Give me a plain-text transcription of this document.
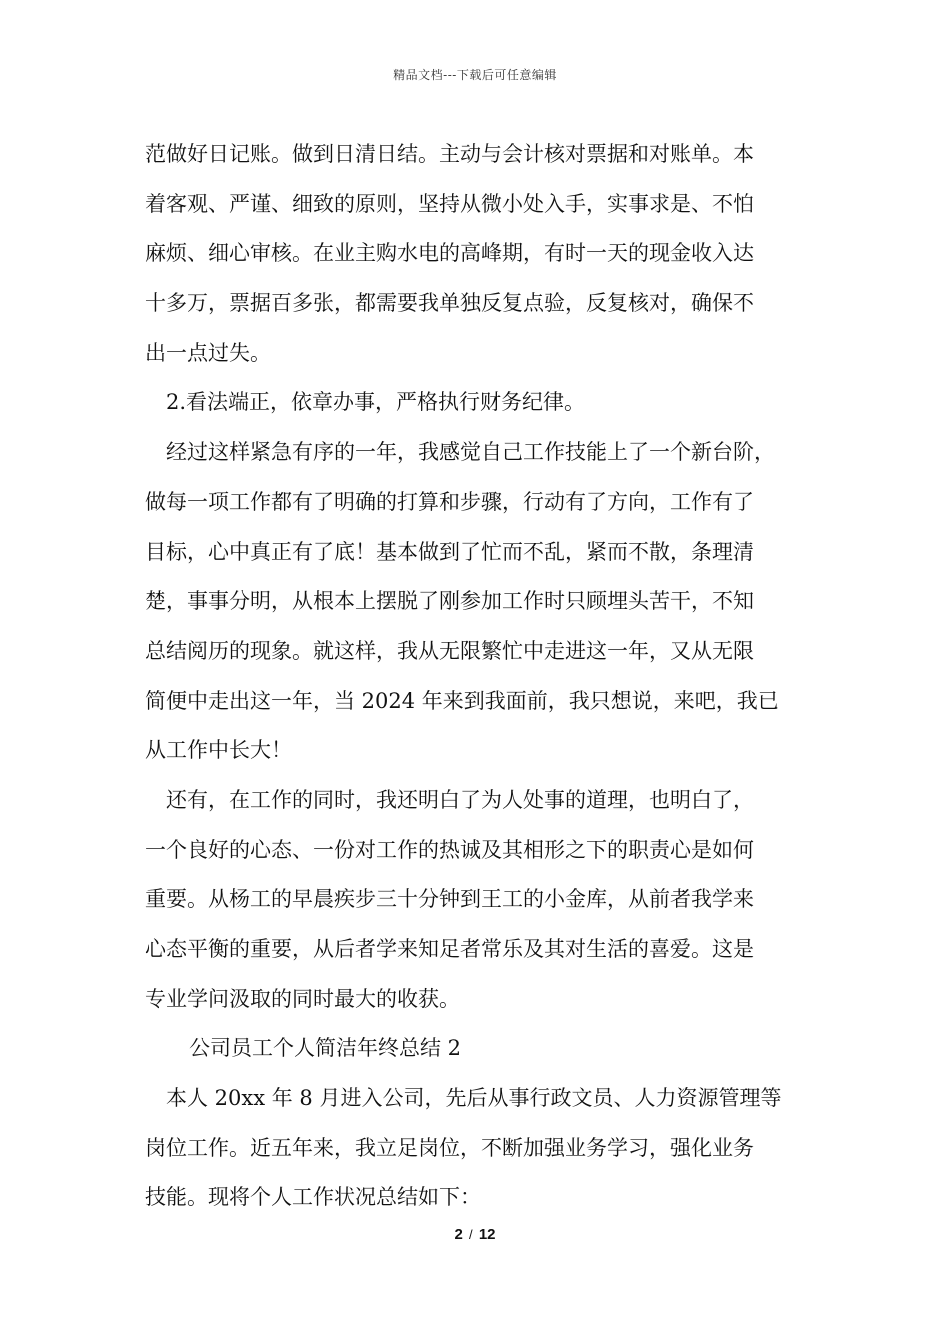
精品文档---下载后可任意编辑
范做好日记账。做到日清日结。主动与会计核对票据和对账单。本
着客观、严谨、细致的原则，坚持从微小处入手，实事求是、不怕
麻烦、细心审核。在业主购水电的高峰期，有时一天的现金收入达
十多万，票据百多张，都需要我单独反复点验，反复核对，确保不
出一点过失。
2.看法端正，依章办事，严格执行财务纪律。
经过这样紧急有序的一年，我感觉自己工作技能上了一个新台阶，
做每一项工作都有了明确的打算和步骤，行动有了方向，工作有了
目标，心中真正有了底！基本做到了忙而不乱，紧而不散，条理清
楚，事事分明，从根本上摆脱了刚参加工作时只顾埋头苦干，不知
总结阅历的现象。就这样，我从无限繁忙中走进这一年，又从无限
简便中走出这一年，当 2024 年来到我面前，我只想说，来吧，我已
从工作中长大！
还有，在工作的同时，我还明白了为人处事的道理，也明白了，
一个良好的心态、一份对工作的热诚及其相形之下的职责心是如何
重要。从杨工的早晨疾步三十分钟到王工的小金库，从前者我学来
心态平衡的重要，从后者学来知足者常乐及其对生活的喜爱。这是
专业学问汲取的同时最大的收获。
公司员工个人简洁年终总结 2
本人 20xx 年 8 月进入公司，先后从事行政文员、人力资源管理等
岗位工作。近五年来，我立足岗位，不断加强业务学习，强化业务
技能。现将个人工作状况总结如下：
2 / 12
